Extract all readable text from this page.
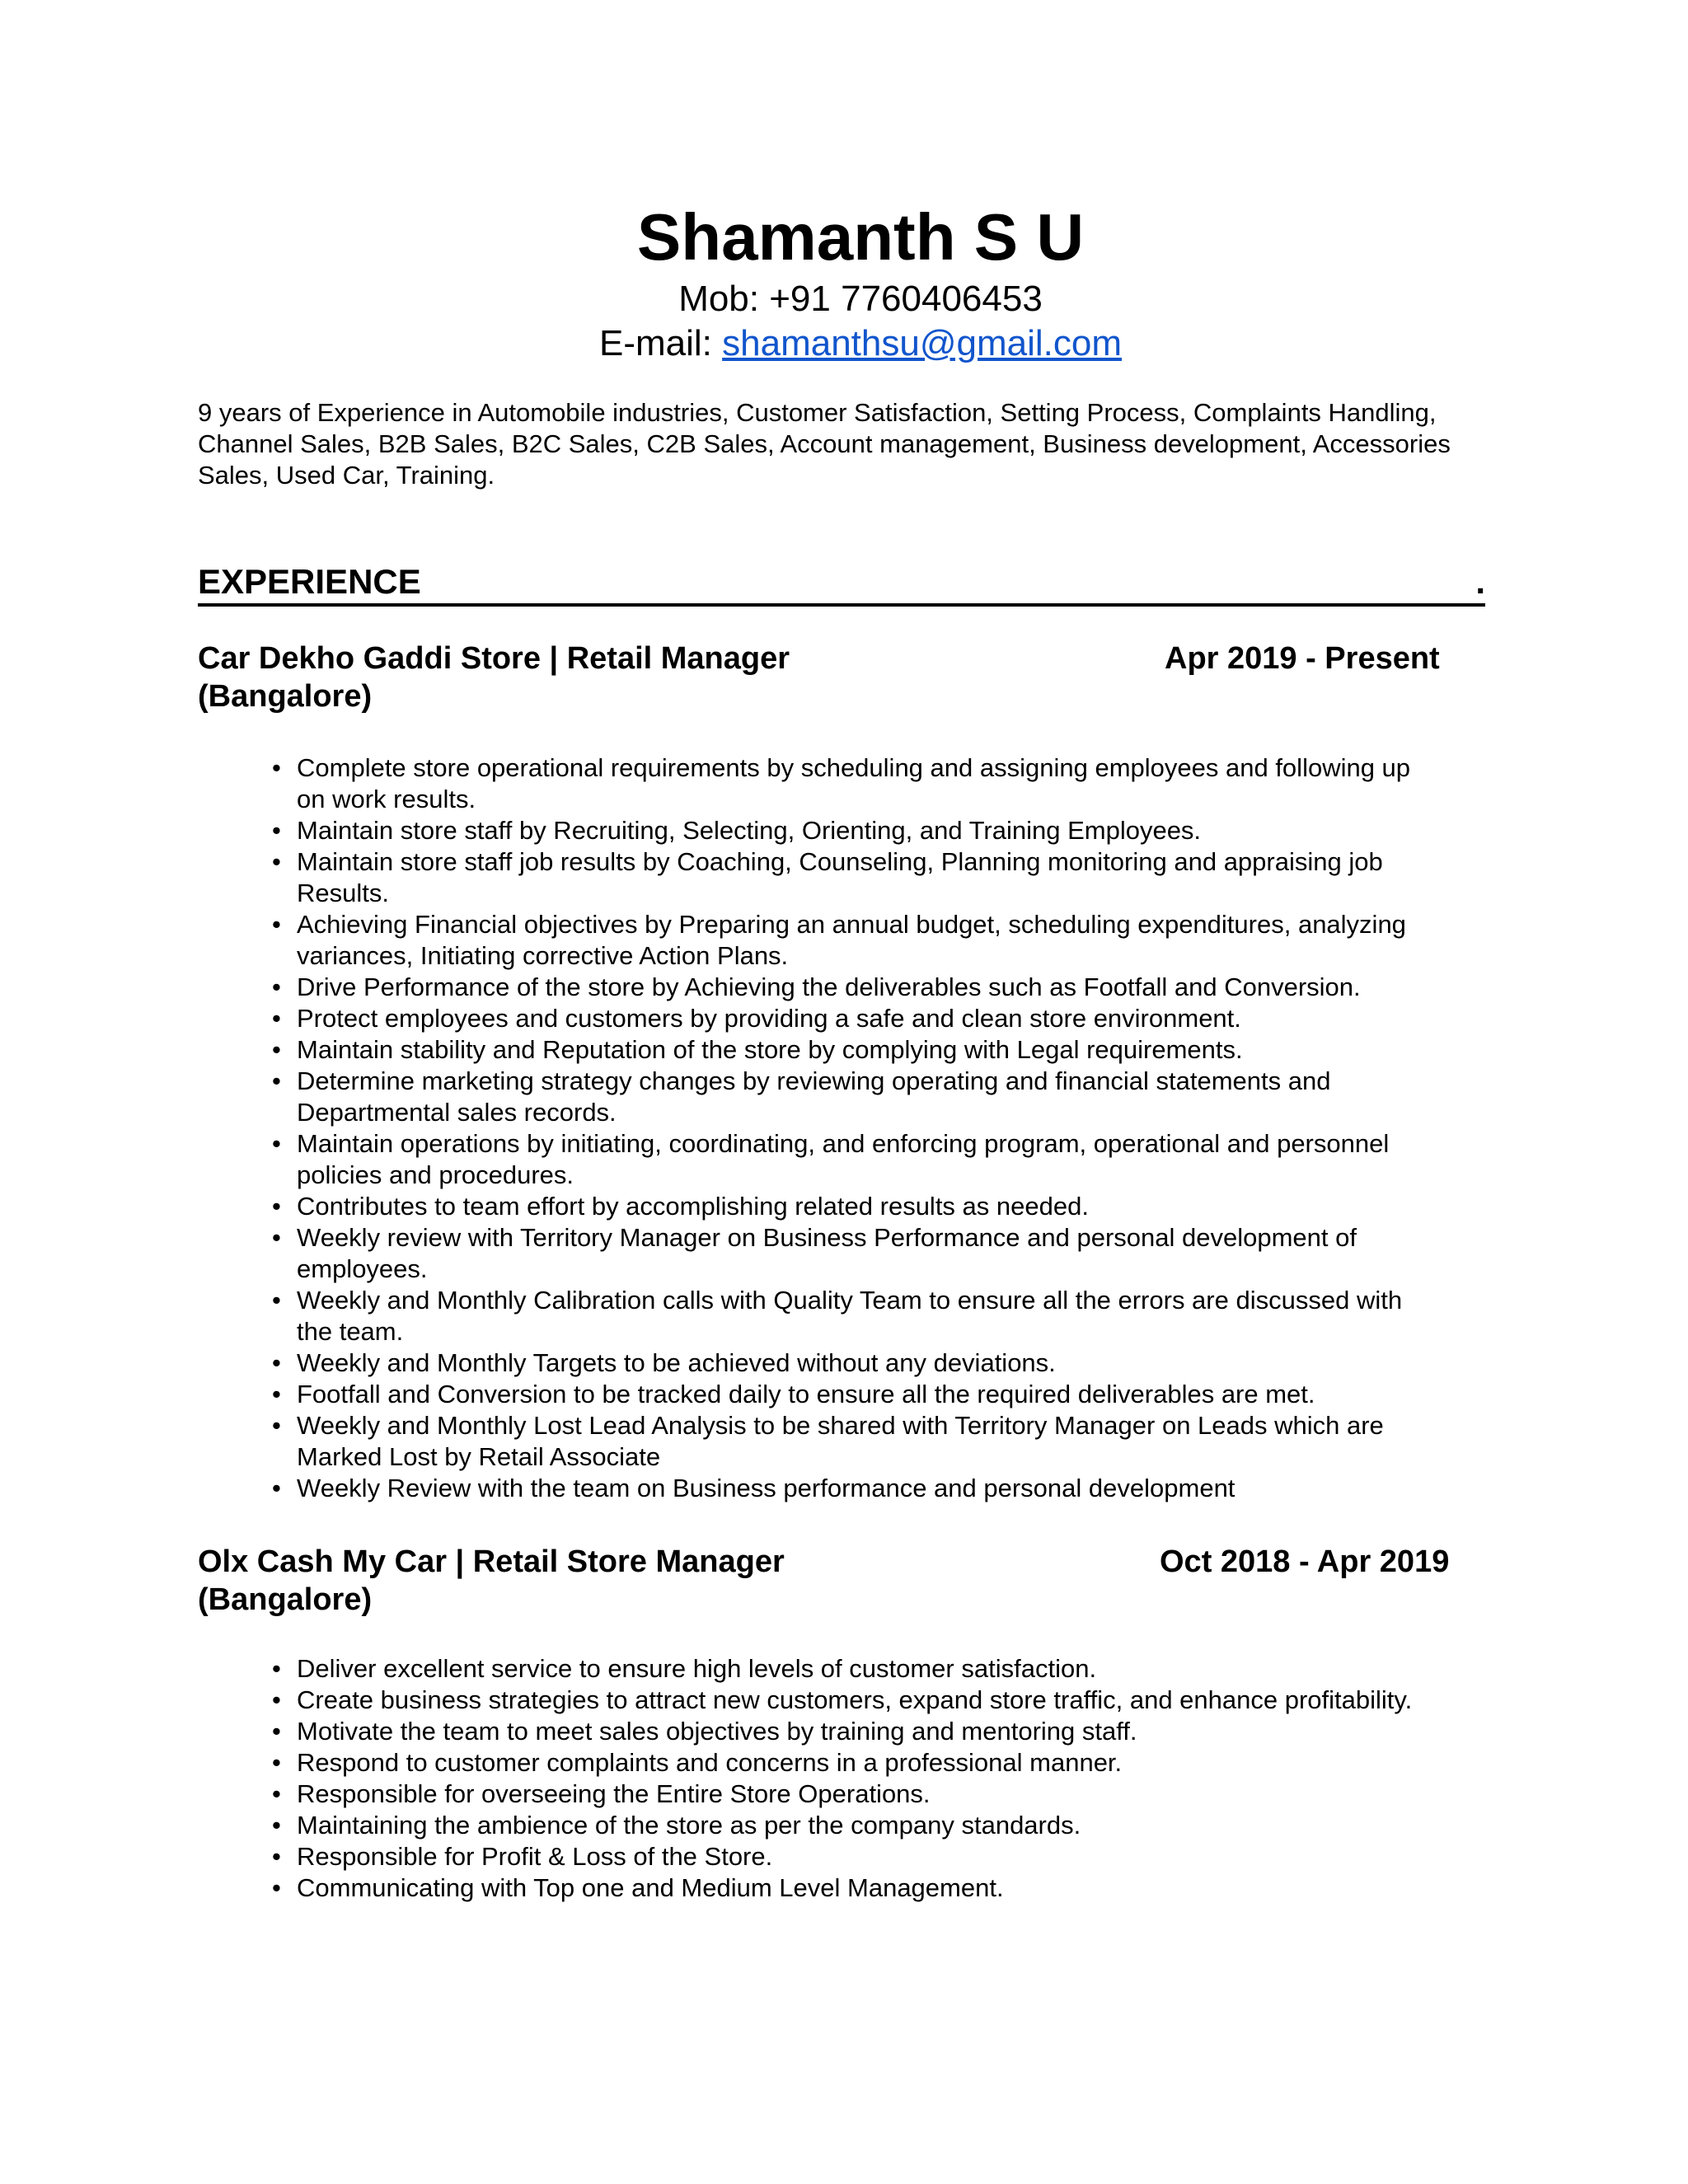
Shamanth S U

Mob: +91 7760406453

E-mail: shamanthsu@gmail.com

9 years of Experience in Automobile industries, Customer Satisfaction, Setting Process, Complaints Handling, Channel Sales, B2B Sales, B2C Sales, C2B Sales, Account management, Business development, Accessories Sales, Used Car, Training.

EXPERIENCE	.
Car Dekho Gaddi Store | Retail Manager
(Bangalore)
Apr 2019 - Present
• Complete store operational requirements by scheduling and assigning employees and following up on work results.
• Maintain store staff by Recruiting, Selecting, Orienting, and Training Employees.
• Maintain store staff job results by Coaching, Counseling, Planning monitoring and appraising job Results.
• Achieving Financial objectives by Preparing an annual budget, scheduling expenditures, analyzing variances, Initiating corrective Action Plans.
• Drive Performance of the store by Achieving the deliverables such as Footfall and Conversion.
• Protect employees and customers by providing a safe and clean store environment.
• Maintain stability and Reputation of the store by complying with Legal requirements.
• Determine marketing strategy changes by reviewing operating and financial statements and Departmental sales records.
• Maintain operations by initiating, coordinating, and enforcing program, operational and personnel policies and procedures.
• Contributes to team effort by accomplishing related results as needed.
• Weekly review with Territory Manager on Business Performance and personal development of employees.
• Weekly and Monthly Calibration calls with Quality Team to ensure all the errors are discussed with the team.
• Weekly and Monthly Targets to be achieved without any deviations.
• Footfall and Conversion to be tracked daily to ensure all the required deliverables are met.
• Weekly and Monthly Lost Lead Analysis to be shared with Territory Manager on Leads which are Marked Lost by Retail Associate
• Weekly Review with the team on Business performance and personal development
Olx Cash My Car | Retail Store Manager
(Bangalore)
Oct 2018 - Apr 2019
• Deliver excellent service to ensure high levels of customer satisfaction.
• Create business strategies to attract new customers, expand store traffic, and enhance profitability.
• Motivate the team to meet sales objectives by training and mentoring staff.
• Respond to customer complaints and concerns in a professional manner.
• Responsible for overseeing the Entire Store Operations.
• Maintaining the ambience of the store as per the company standards.
• Responsible for Profit & Loss of the Store.
• Communicating with Top one and Medium Level Management.
